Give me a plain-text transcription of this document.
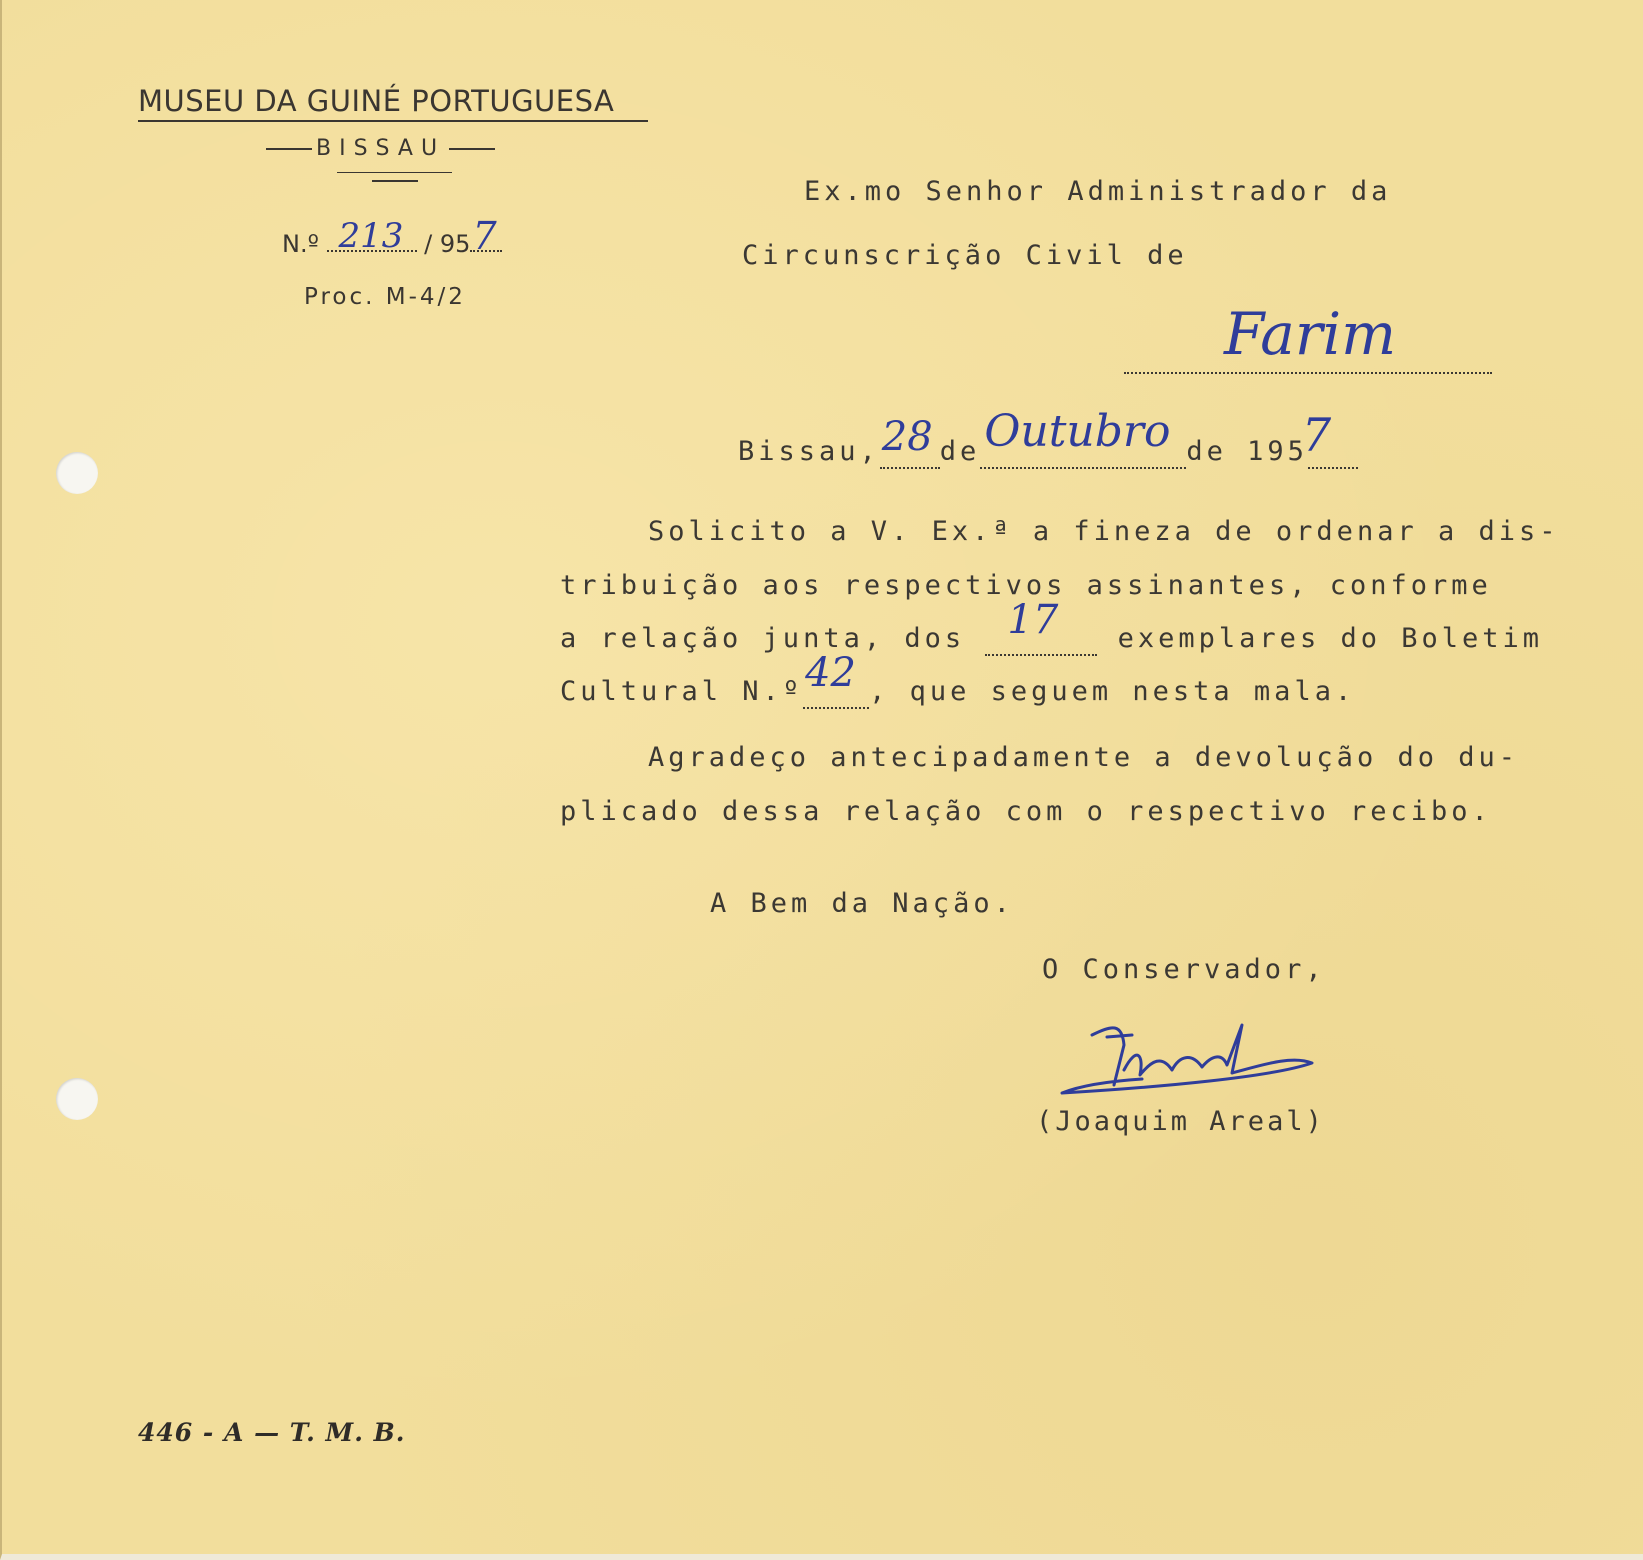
MUSEU DA GUINÉ PORTUGUESA
BISSAU
N.º 213 / 95 7
Proc. M-4/2
Ex.mo Senhor Administrador da
Circunscrição Civil de
Farim
Bissau, 28 de Outubro de 195
7

Solicito a V. Ex.ª a fineza de ordenar a dis-
tribuição aos respectivos assinantes, conforme
a relação junta, dos 17 exemplares do Boletim
Cultural N.º 42 , que seguem nesta mala.
Agradeço antecipadamente a devolução do du-
plicado dessa relação com o respectivo recibo.
A Bem da Nação.
O Conservador,
(Joaquim Areal)
446 - A — T. M. B.
